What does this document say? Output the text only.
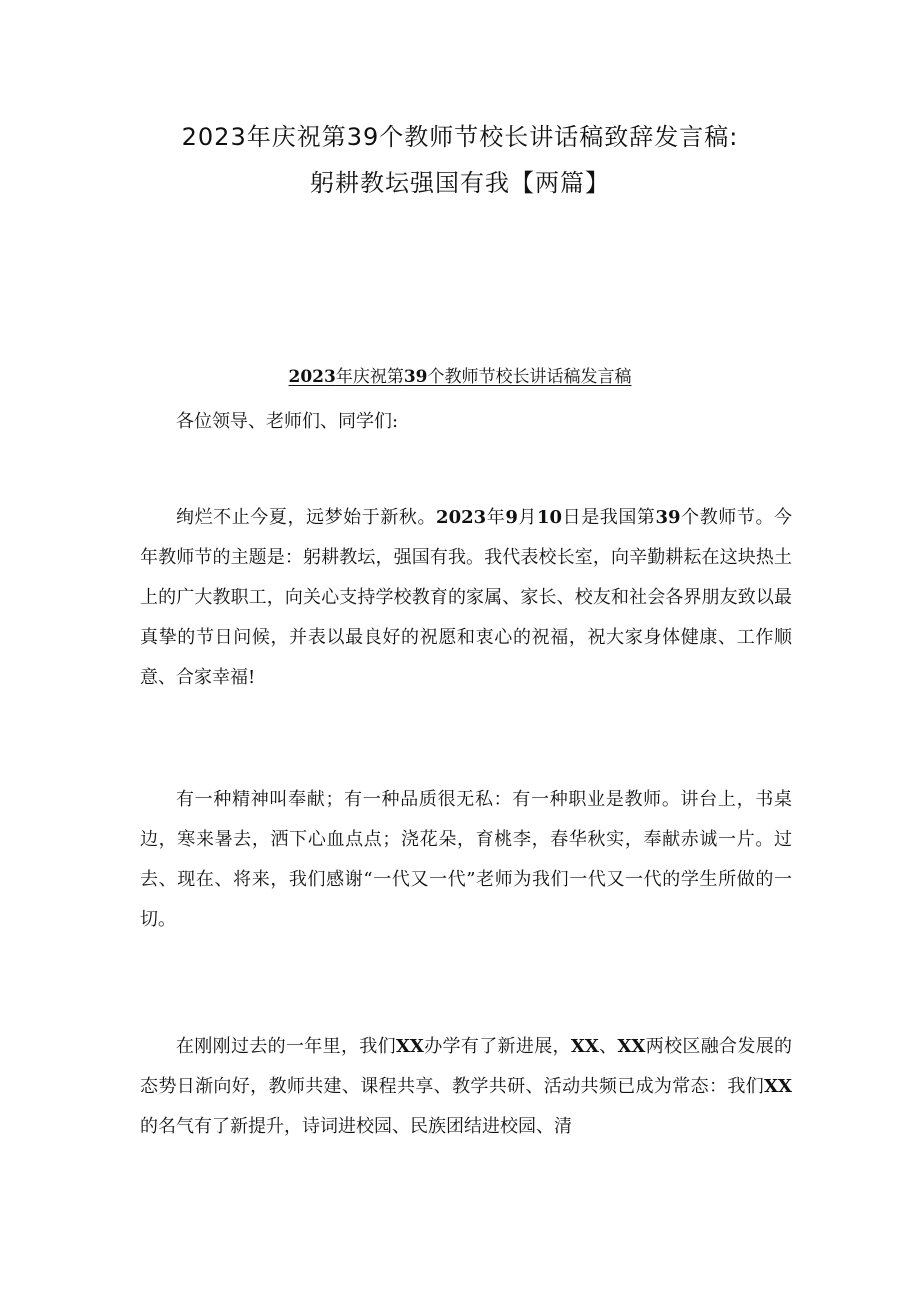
2023年庆祝第39个教师节校长讲话稿致辞发言稿:
躬耕教坛强国有我【两篇】
2023年庆祝第39个教师节校长讲话稿发言稿
各位领导、老师们、同学们:
绚烂不止今夏，远梦始于新秋。2023年9月10日是我国第39个教师节。今年教师节的主题是：躬耕教坛，强国有我。我代表校长室，向辛勤耕耘在这块热土上的广大教职工，向关心支持学校教育的家属、家长、校友和社会各界朋友致以最真挚的节日问候，并表以最良好的祝愿和衷心的祝福，祝大家身体健康、工作顺意、合家幸福!
有一种精神叫奉献；有一种品质很无私：有一种职业是教师。讲台上，书桌边，寒来暑去，洒下心血点点；浇花朵，育桃李，春华秋实，奉献赤诚一片。过去、现在、将来，我们感谢“一代又一代”老师为我们一代又一代的学生所做的一切。
在刚刚过去的一年里，我们XX办学有了新进展，XX、XX两校区融合发展的态势日渐向好，教师共建、课程共享、教学共研、活动共频已成为常态：我们XX的名气有了新提升，诗词进校园、民族团结进校园、清
